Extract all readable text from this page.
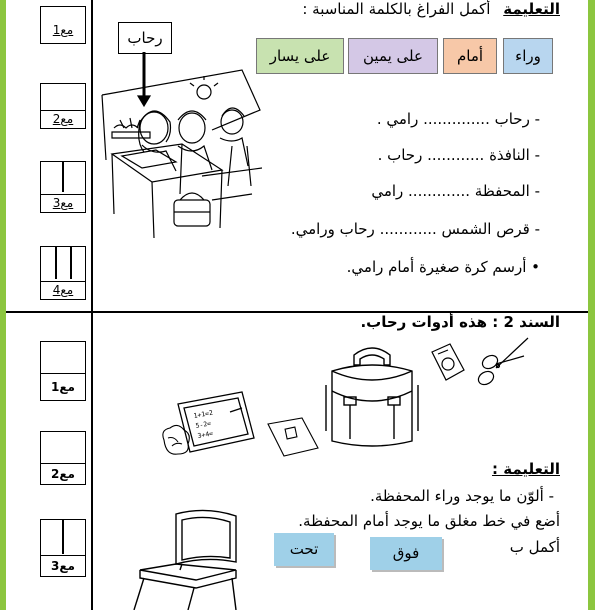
مع1
مع2
مع3
مع4
مع1
مع2
مع3
التعليمة أكمل الفراغ بالكلمة المناسبة :
وراء
أمام
على يمين
على يسار
- رحاب .............. رامي .
- النافذة ............ رحاب .
- المحفظة ............. رامي
- قرص الشمس ............ رحاب ورامي.
• أرسم كرة صغيرة أمام رامي.
رحاب
السند 2 : هذه أدوات رحاب.
1+1=2
5-2=
3+4=
التعليمة :
- ألوّن ما يوجد وراء المحفظة.
أضع في خط مغلق ما يوجد أمام المحفظة.
أكمل ب
فوق
تحت
